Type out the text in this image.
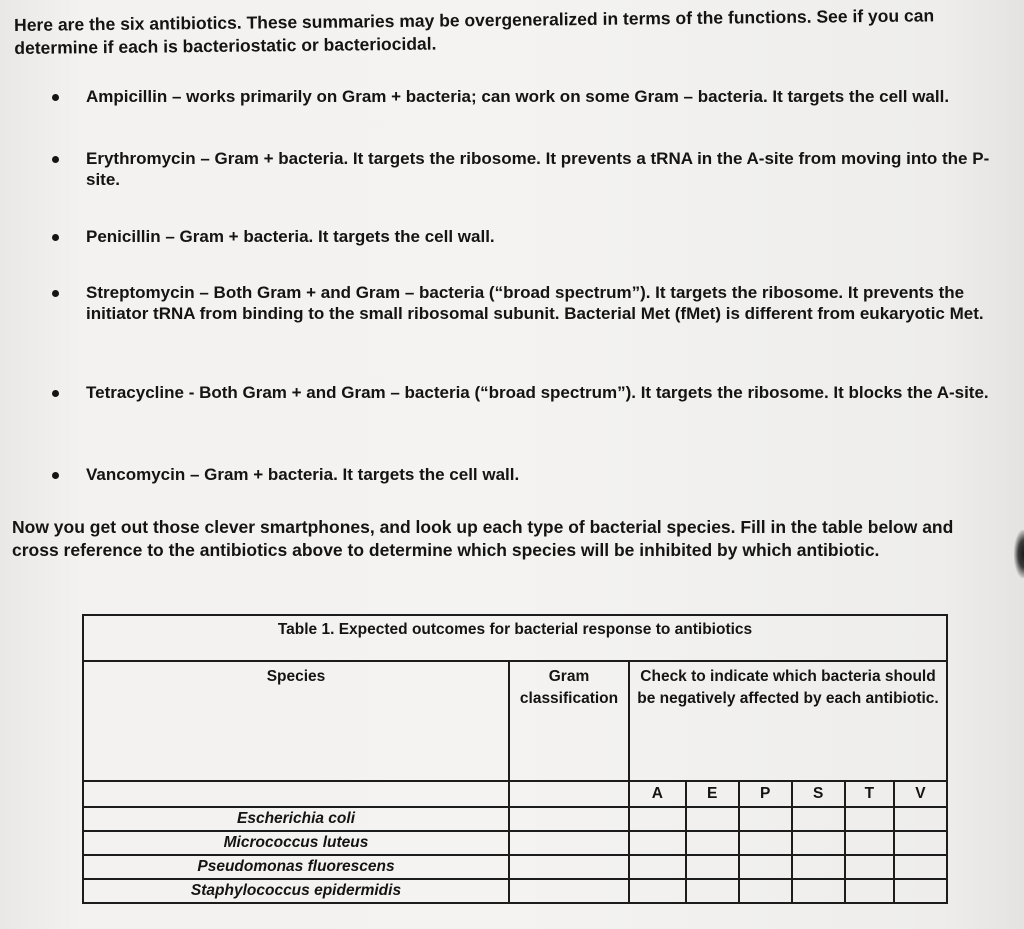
Here are the six antibiotics. These summaries may be overgeneralized in terms of the functions. See if you can determine if each is bacteriostatic or bacteriocidal.
Ampicillin – works primarily on Gram + bacteria; can work on some Gram – bacteria. It targets the cell wall.
Erythromycin – Gram + bacteria. It targets the ribosome. It prevents a tRNA in the A-site from moving into the P-site.
Penicillin – Gram + bacteria. It targets the cell wall.
Streptomycin – Both Gram + and Gram – bacteria (“broad spectrum”). It targets the ribosome. It prevents the initiator tRNA from binding to the small ribosomal subunit. Bacterial Met (fMet) is different from eukaryotic Met.
Tetracycline - Both Gram + and Gram – bacteria (“broad spectrum”). It targets the ribosome. It blocks the A-site.
Vancomycin – Gram + bacteria. It targets the cell wall.
Now you get out those clever smartphones, and look up each type of bacterial species. Fill in the table below and cross reference to the antibiotics above to determine which species will be inhibited by which antibiotic.
Table 1. Expected outcomes for bacterial response to antibiotics							
Species	Gram classification	Check to indicate which bacteria should be negatively affected by each antibiotic.					
		A	E	P	S	T	V
Escherichia coli							
Micrococcus luteus							
Pseudomonas fluorescens							
Staphylococcus epidermidis							
